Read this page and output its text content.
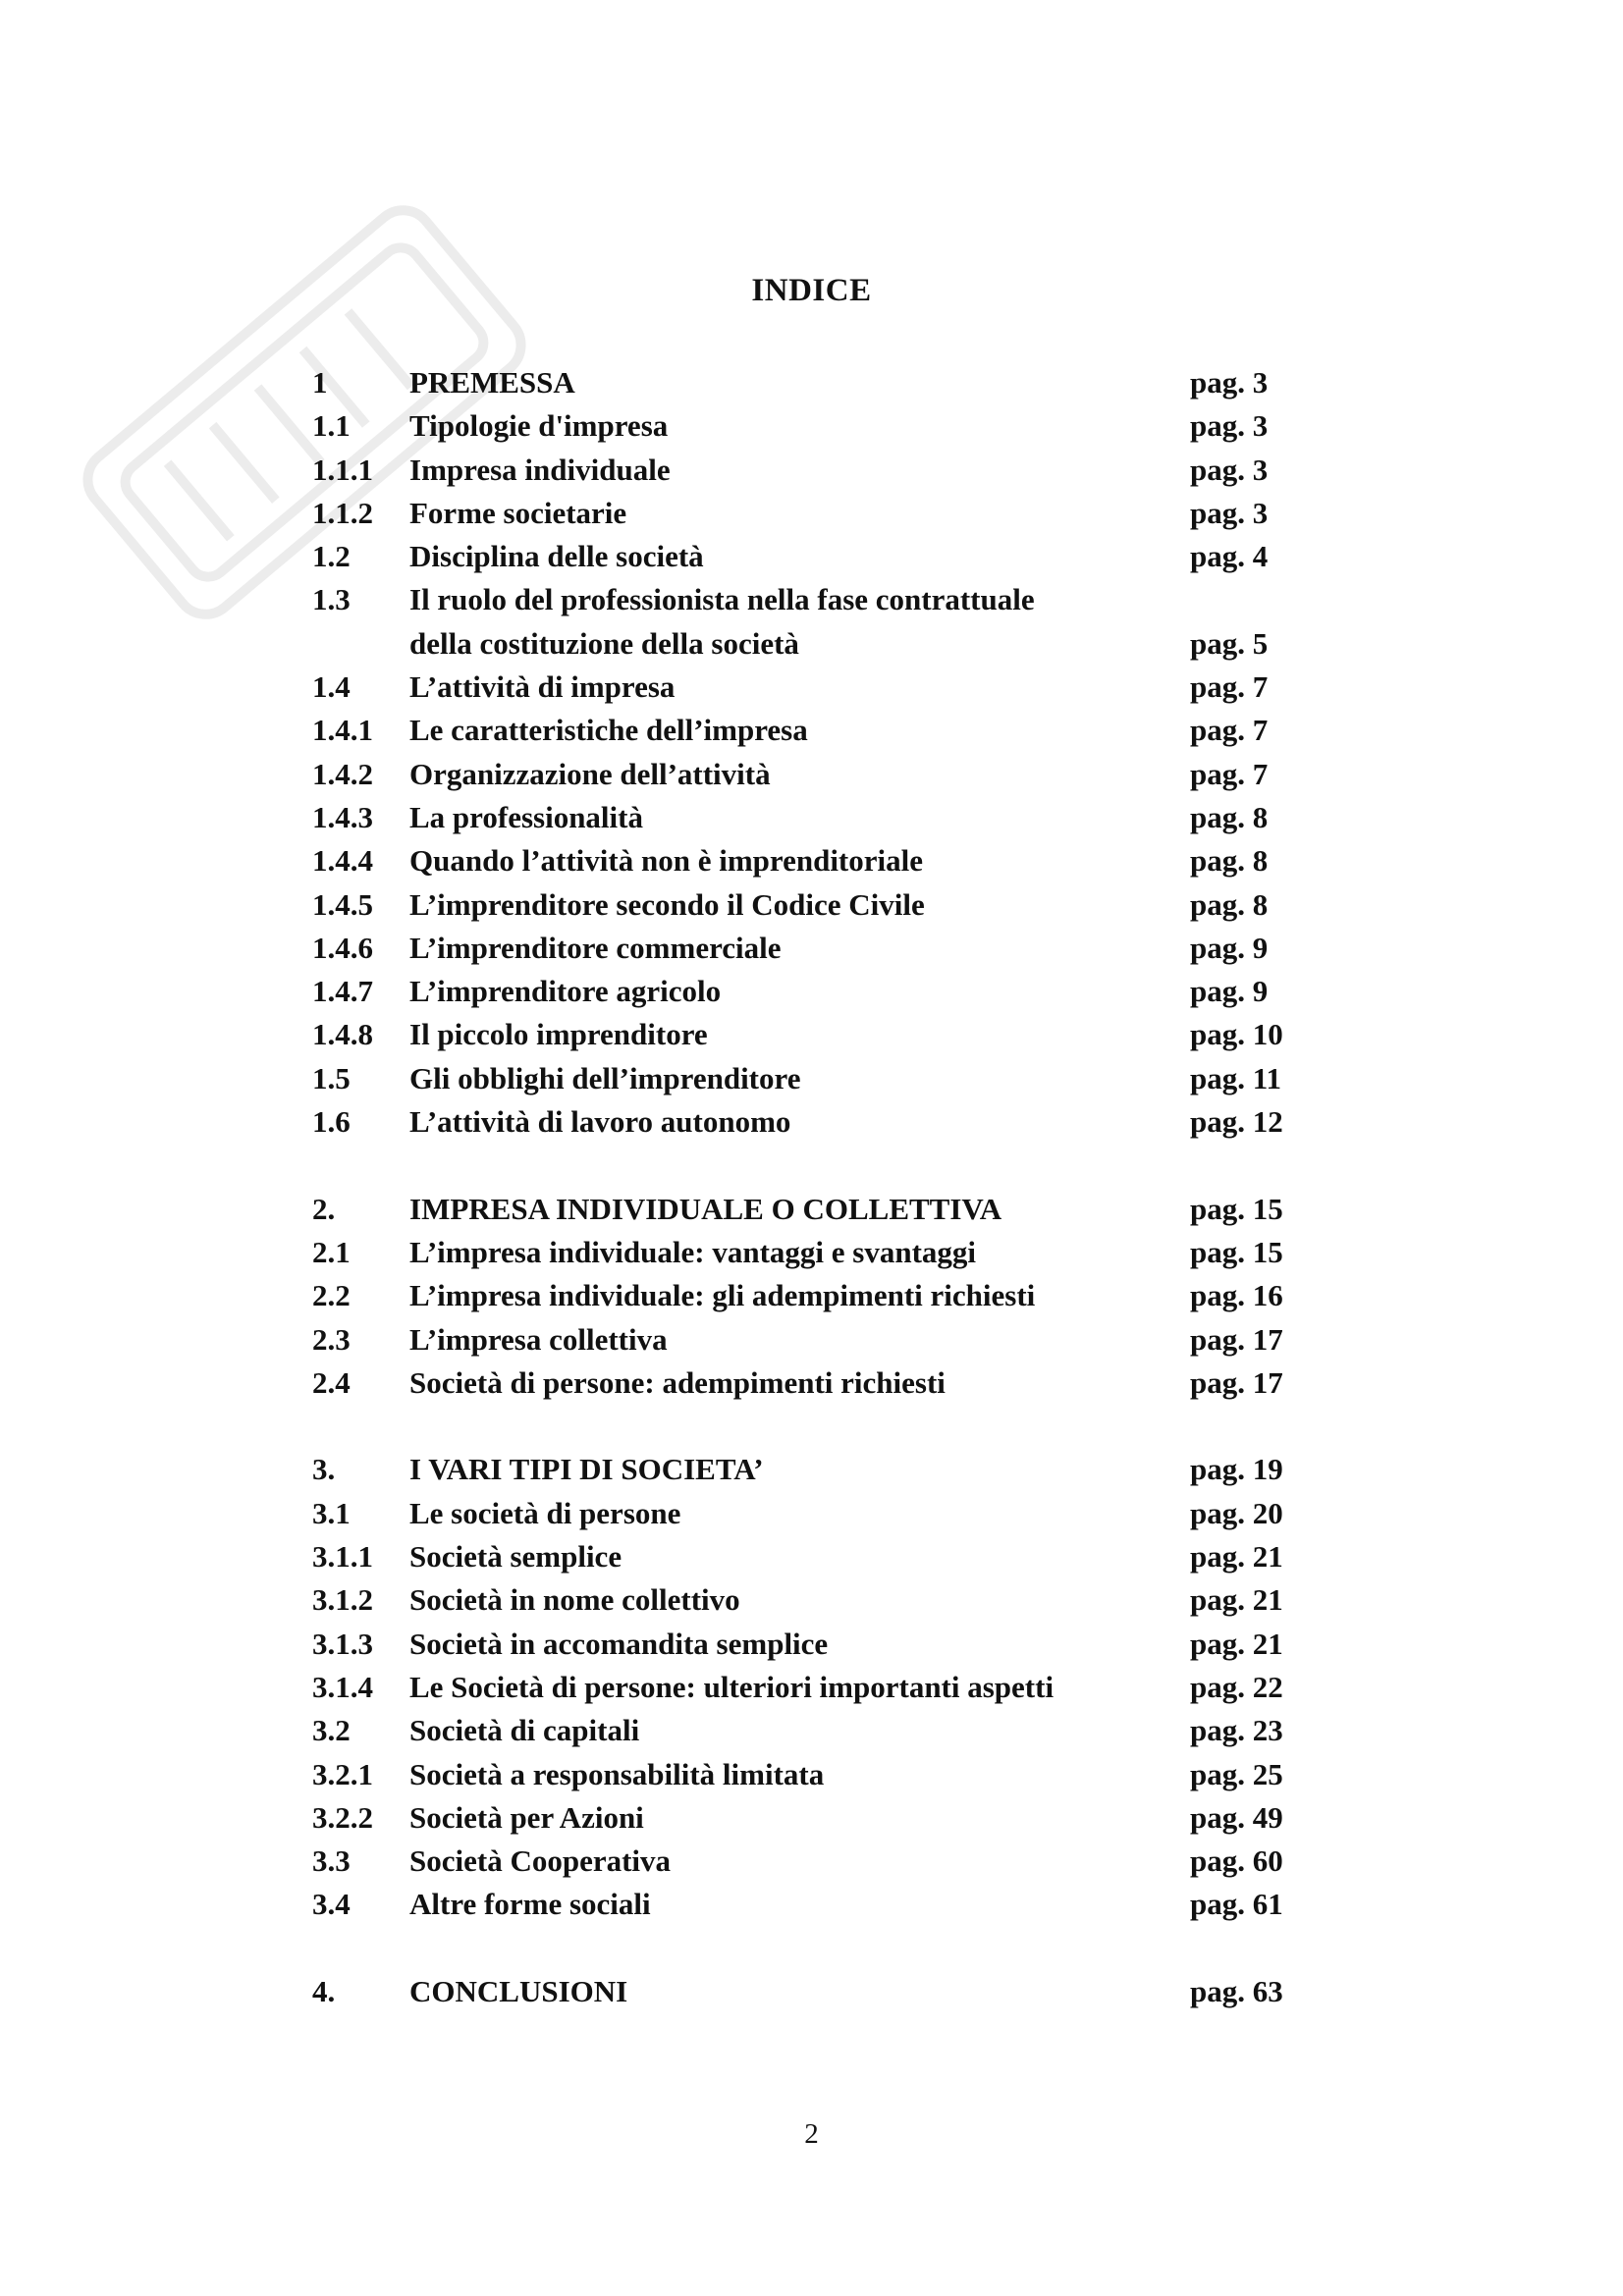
INDICE
1	PREMESSA	pag. 3
1.1 Tipologie d'impresa	pag. 3
1.1.1 Impresa individuale	pag. 3
1.1.2 Forme societarie	pag. 3
1.2 Disciplina delle società	pag. 4
1.3 Il ruolo del professionista nella fase contrattuale
della costituzione della società	pag. 5
1.4 L’attività di impresa	pag. 7
1.4.1 Le caratteristiche dell’impresa	pag. 7
1.4.2 Organizzazione dell’attività	pag. 7
1.4.3 La professionalità	pag. 8
1.4.4 Quando l’attività non è imprenditoriale	pag. 8
1.4.5 L’imprenditore secondo il Codice Civile	pag. 8
1.4.6 L’imprenditore commerciale	pag. 9
1.4.7 L’imprenditore agricolo	pag. 9
1.4.8 Il piccolo imprenditore	pag. 10
1.5 Gli obblighi dell’imprenditore	pag. 11
1.6 L’attività di lavoro autonomo	pag. 12
2. IMPRESA INDIVIDUALE O COLLETTIVA	pag. 15
2.1 L’impresa individuale: vantaggi e svantaggi	pag. 15
2.2 L’impresa individuale: gli adempimenti richiesti	pag. 16
2.3 L’impresa collettiva	pag. 17
2.4 Società di persone: adempimenti richiesti	pag. 17
3. I VARI TIPI DI SOCIETA’	pag. 19
3.1 Le società di persone	pag. 20
3.1.1 Società semplice	pag. 21
3.1.2 Società in nome collettivo	pag. 21
3.1.3 Società in accomandita semplice	pag. 21
3.1.4 Le Società di persone: ulteriori importanti aspetti	pag. 22
3.2 Società di capitali	pag. 23
3.2.1 Società a responsabilità limitata	pag. 25
3.2.2 Società per Azioni	pag. 49
3.3 Società Cooperativa	pag. 60
3.4 Altre forme sociali	pag. 61
4. CONCLUSIONI	pag. 63
2
